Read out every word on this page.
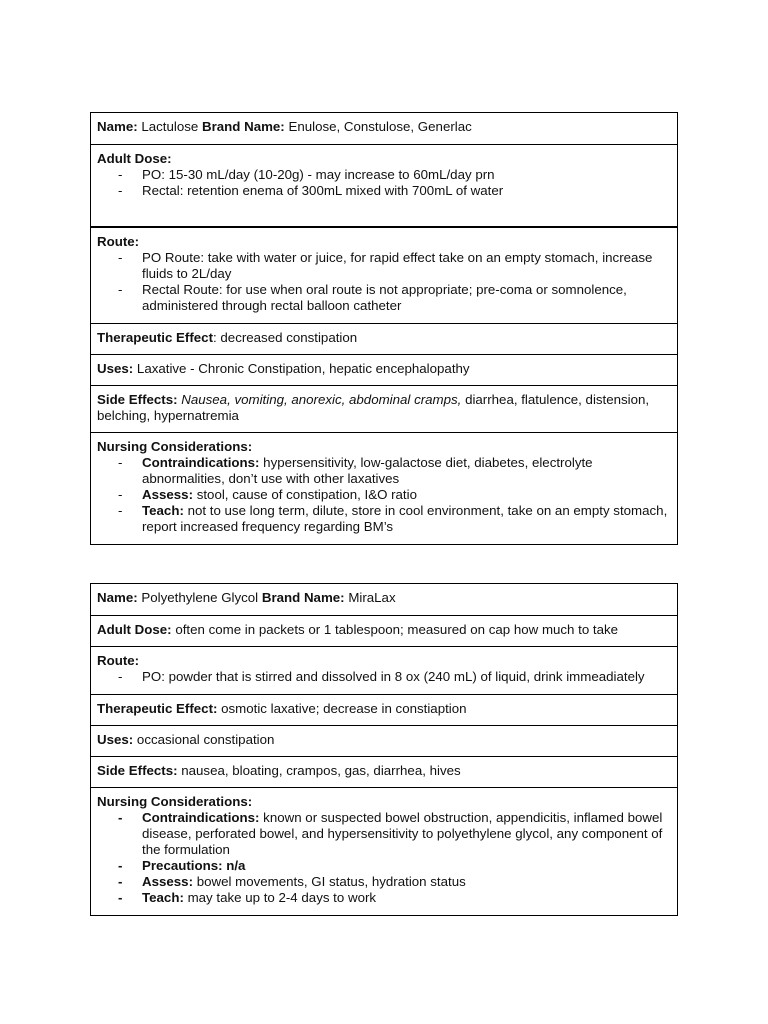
Name: Lactulose Brand Name: Enulose, Constulose, Generlac
Adult Dose:
- PO: 15-30 mL/day (10-20g) - may increase to 60mL/day prn
- Rectal: retention enema of 300mL mixed with 700mL of water
Route:
- PO Route: take with water or juice, for rapid effect take on an empty stomach, increase fluids to 2L/day
- Rectal Route: for use when oral route is not appropriate; pre-coma or somnolence, administered through rectal balloon catheter
Therapeutic Effect: decreased constipation
Uses: Laxative - Chronic Constipation, hepatic encephalopathy
Side Effects: Nausea, vomiting, anorexic, abdominal cramps, diarrhea, flatulence, distension, belching, hypernatremia
Nursing Considerations:
- Contraindications: hypersensitivity, low-galactose diet, diabetes, electrolyte abnormalities, don’t use with other laxatives
- Assess: stool, cause of constipation, I&O ratio
- Teach: not to use long term, dilute, store in cool environment, take on an empty stomach, report increased frequency regarding BM’s
Name: Polyethylene Glycol Brand Name: MiraLax
Adult Dose: often come in packets or 1 tablespoon; measured on cap how much to take
Route:
- PO: powder that is stirred and dissolved in 8 ox (240 mL) of liquid, drink immeadiately
Therapeutic Effect: osmotic laxative; decrease in constiaption
Uses: occasional constipation
Side Effects: nausea, bloating, crampos, gas, diarrhea, hives
Nursing Considerations:
- Contraindications: known or suspected bowel obstruction, appendicitis, inflamed bowel disease, perforated bowel, and hypersensitivity to polyethylene glycol, any component of the formulation
- Precautions: n/a
- Assess: bowel movements, GI status, hydration status
- Teach: may take up to 2-4 days to work
